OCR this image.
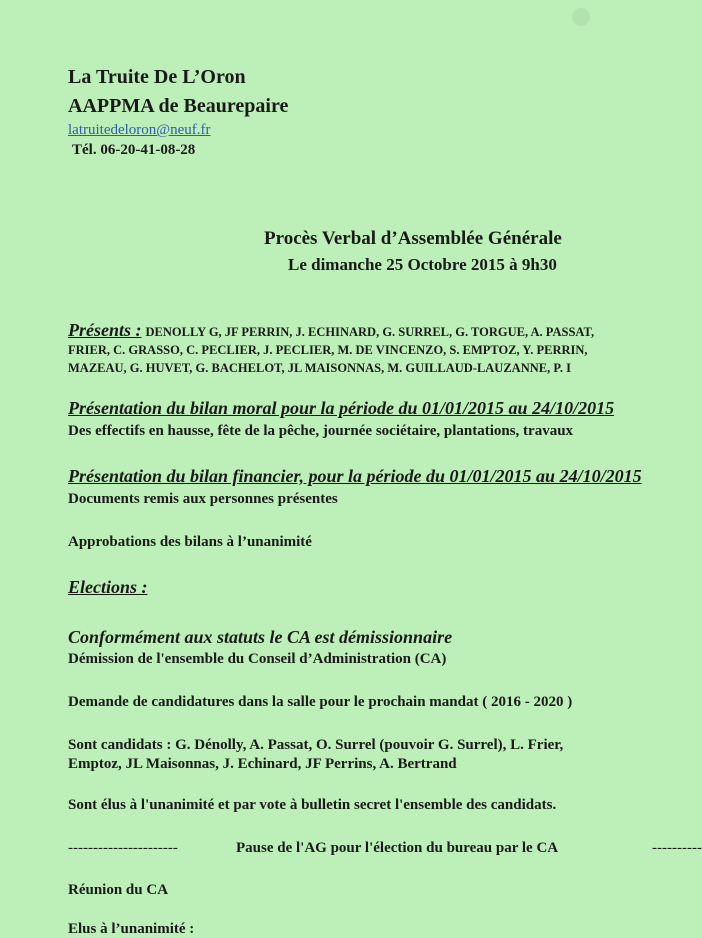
La Truite De L’Oron
AAPPMA de Beaurepaire
latruitedeloron@neuf.fr
Tél. 06-20-41-08-28
Procès Verbal d’Assemblée Générale
Le dimanche 25 Octobre 2015 à 9h30
Présents : DENOLLY G, JF PERRIN, J. ECHINARD, G. SURREL, G. TORGUE, A. PASSAT,
FRIER, C. GRASSO, C. PECLIER, J. PECLIER, M. DE VINCENZO, S. EMPTOZ, Y. PERRIN,
MAZEAU, G. HUVET, G. BACHELOT, JL MAISONNAS, M. GUILLAUD-LAUZANNE, P. I
Présentation du bilan moral pour la période du 01/01/2015 au 24/10/2015
Des effectifs en hausse, fête de la pêche, journée sociétaire, plantations, travaux
Présentation du bilan financier, pour la période du 01/01/2015 au 24/10/2015
Documents remis aux personnes présentes
Approbations des bilans à l’unanimité
Elections :
Conformément aux statuts le CA est démissionnaire
Démission de l'ensemble du Conseil d’Administration (CA)
Demande de candidatures dans la salle pour le prochain mandat ( 2016 - 2020 )
Sont candidats : G. Dénolly, A. Passat, O. Surrel (pouvoir G. Surrel), L. Frier,
Emptoz, JL Maisonnas, J. Echinard, JF Perrins, A. Bertrand
Sont élus à l'unanimité et par vote à bulletin secret l'ensemble des candidats.
----------------------	Pause de l'AG pour l'élection du bureau par le CA	----------
Réunion du CA
Elus à l’unanimité :
